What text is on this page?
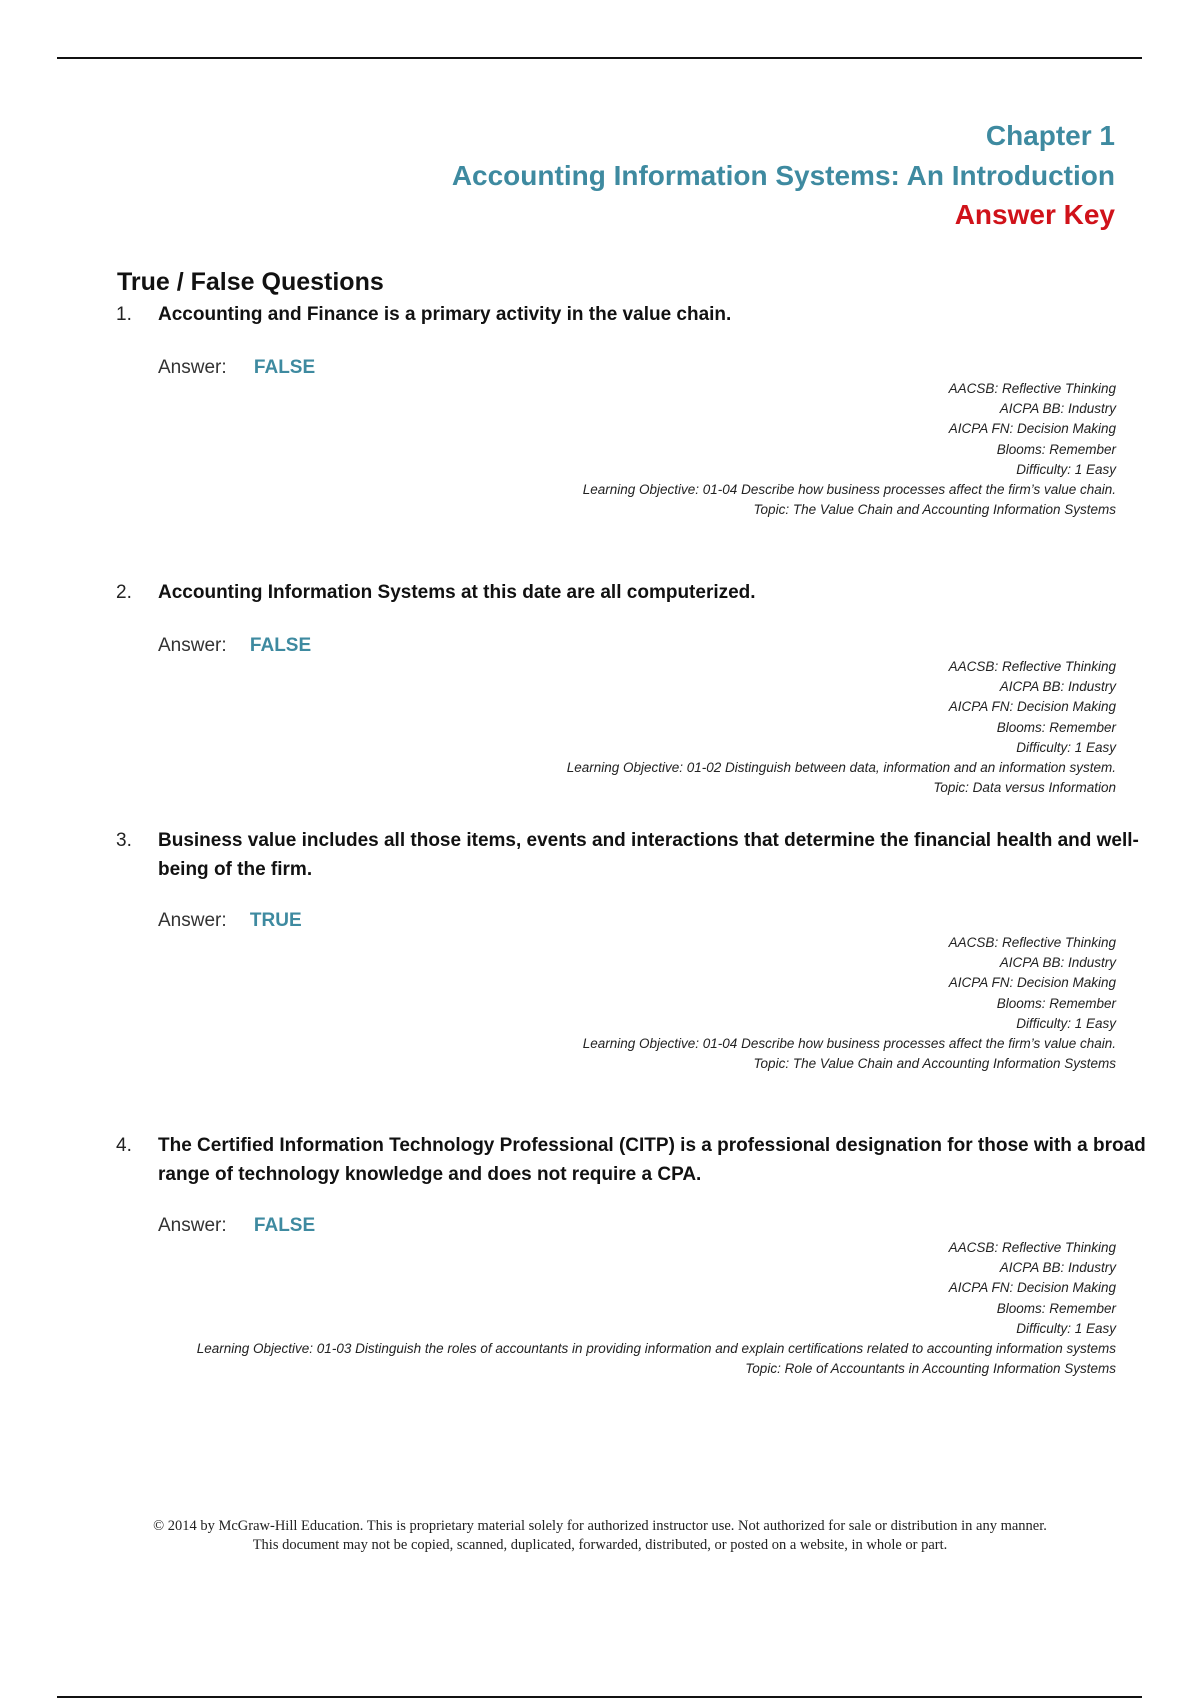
Chapter 1
Accounting Information Systems: An Introduction
Answer Key
True / False Questions
1. Accounting and Finance is a primary activity in the value chain.
Answer: FALSE
AACSB: Reflective Thinking
AICPA BB: Industry
AICPA FN: Decision Making
Blooms: Remember
Difficulty: 1 Easy
Learning Objective: 01-04 Describe how business processes affect the firm’s value chain.
Topic: The Value Chain and Accounting Information Systems
2. Accounting Information Systems at this date are all computerized.
Answer: FALSE
AACSB: Reflective Thinking
AICPA BB: Industry
AICPA FN: Decision Making
Blooms: Remember
Difficulty: 1 Easy
Learning Objective: 01-02 Distinguish between data, information and an information system.
Topic: Data versus Information
3. Business value includes all those items, events and interactions that determine the financial health and well-being of the firm.
Answer: TRUE
AACSB: Reflective Thinking
AICPA BB: Industry
AICPA FN: Decision Making
Blooms: Remember
Difficulty: 1 Easy
Learning Objective: 01-04 Describe how business processes affect the firm’s value chain.
Topic: The Value Chain and Accounting Information Systems
4. The Certified Information Technology Professional (CITP) is a professional designation for those with a broad range of technology knowledge and does not require a CPA.
Answer: FALSE
AACSB: Reflective Thinking
AICPA BB: Industry
AICPA FN: Decision Making
Blooms: Remember
Difficulty: 1 Easy
Learning Objective: 01-03 Distinguish the roles of accountants in providing information and explain certifications related to accounting information systems
Topic: Role of Accountants in Accounting Information Systems
© 2014 by McGraw-Hill Education. This is proprietary material solely for authorized instructor use. Not authorized for sale or distribution in any manner.
This document may not be copied, scanned, duplicated, forwarded, distributed, or posted on a website, in whole or part.
